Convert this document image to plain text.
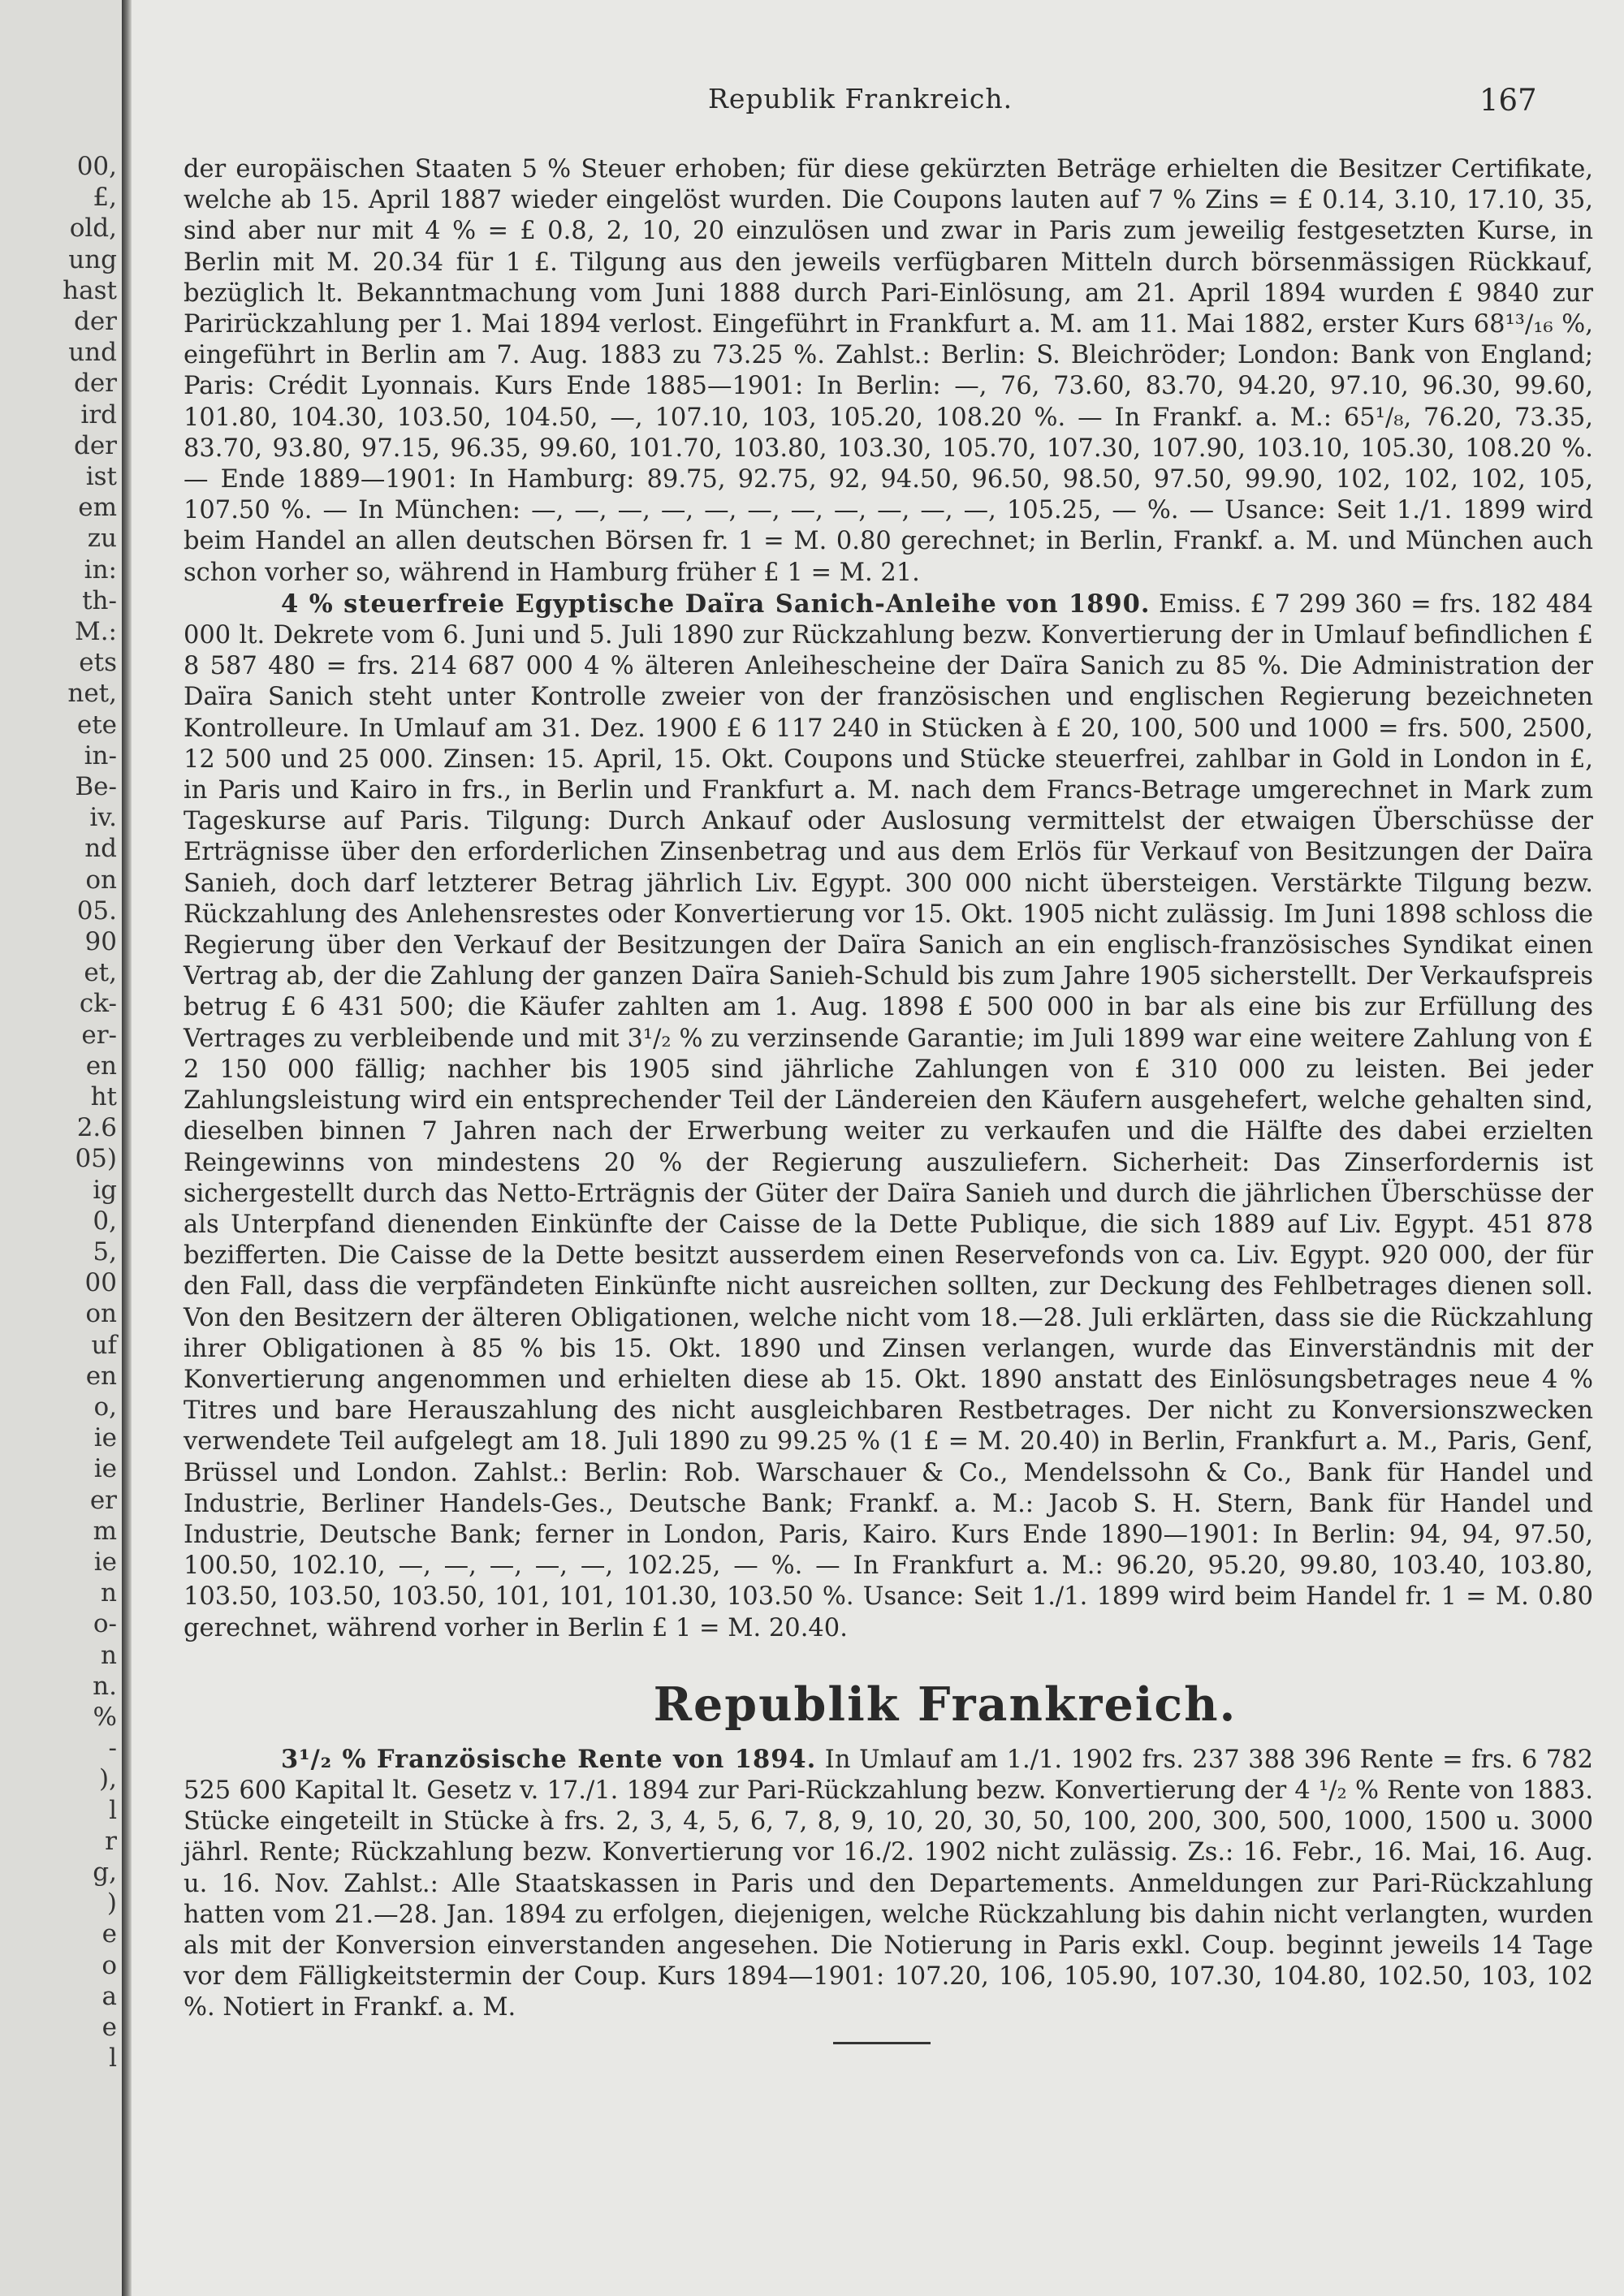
00,
£,
old,
ung
hast
der
und
der
ird
der
ist
em
zu
in:
th-
M.:
ets
net,
ete
in-
Be-
iv.
nd
on
05.
90
et,
ck-
er-
en
ht
2.6
05)
ig
0,
5,
00
on
uf
en
o,
ie
ie
er
m
ie
n
o-
n
n.
%
-
),
l
r
g,
)
e
o
a
e
l
Republik Frankreich.	167

der europäischen Staaten 5 % Steuer erhoben; für diese gekürzten Beträge erhielten die Besitzer Certifikate, welche ab 15. April 1887 wieder eingelöst wurden. Die Coupons lauten auf 7 % Zins = £ 0.14, 3.10, 17.10, 35, sind aber nur mit 4 % = £ 0.8, 2, 10, 20 einzulösen und zwar in Paris zum jeweilig festgesetzten Kurse, in Berlin mit M. 20.34 für 1 £. Tilgung aus den jeweils verfügbaren Mitteln durch börsenmässigen Rückkauf, bezüglich lt. Bekanntmachung vom Juni 1888 durch Pari-Einlösung, am 21. April 1894 wurden £ 9840 zur Parirückzahlung per 1. Mai 1894 verlost. Eingeführt in Frankfurt a. M. am 11. Mai 1882, erster Kurs 68¹³/₁₆ %, eingeführt in Berlin am 7. Aug. 1883 zu 73.25 %. Zahlst.: Berlin: S. Bleichröder; London: Bank von England; Paris: Crédit Lyonnais. Kurs Ende 1885—1901: In Berlin: —, 76, 73.60, 83.70, 94.20, 97.10, 96.30, 99.60, 101.80, 104.30, 103.50, 104.50, —, 107.10, 103, 105.20, 108.20 %. — In Frankf. a. M.: 65¹/₈, 76.20, 73.35, 83.70, 93.80, 97.15, 96.35, 99.60, 101.70, 103.80, 103.30, 105.70, 107.30, 107.90, 103.10, 105.30, 108.20 %. — Ende 1889—1901: In Hamburg: 89.75, 92.75, 92, 94.50, 96.50, 98.50, 97.50, 99.90, 102, 102, 102, 105, 107.50 %. — In München: —, —, —, —, —, —, —, —, —, —, —, 105.25, — %. — Usance: Seit 1./1. 1899 wird beim Handel an allen deutschen Börsen fr. 1 = M. 0.80 gerechnet; in Berlin, Frankf. a. M. und München auch schon vorher so, während in Hamburg früher £ 1 = M. 21.

4 % steuerfreie Egyptische Daïra Sanich-Anleihe von 1890. Emiss. £ 7 299 360 = frs. 182 484 000 lt. Dekrete vom 6. Juni und 5. Juli 1890 zur Rückzahlung bezw. Konvertierung der in Umlauf befindlichen £ 8 587 480 = frs. 214 687 000 4 % älteren Anleihescheine der Daïra Sanich zu 85 %. Die Administration der Daïra Sanich steht unter Kontrolle zweier von der französischen und englischen Regierung bezeichneten Kontrolleure. In Umlauf am 31. Dez. 1900 £ 6 117 240 in Stücken à £ 20, 100, 500 und 1000 = frs. 500, 2500, 12 500 und 25 000. Zinsen: 15. April, 15. Okt. Coupons und Stücke steuerfrei, zahlbar in Gold in London in £, in Paris und Kairo in frs., in Berlin und Frankfurt a. M. nach dem Francs-Betrage umgerechnet in Mark zum Tageskurse auf Paris. Tilgung: Durch Ankauf oder Auslosung vermittelst der etwaigen Überschüsse der Erträgnisse über den erforderlichen Zinsenbetrag und aus dem Erlös für Verkauf von Besitzungen der Daïra Sanieh, doch darf letzterer Betrag jährlich Liv. Egypt. 300 000 nicht übersteigen. Verstärkte Tilgung bezw. Rückzahlung des Anlehensrestes oder Konvertierung vor 15. Okt. 1905 nicht zulässig. Im Juni 1898 schloss die Regierung über den Verkauf der Besitzungen der Daïra Sanich an ein englisch-französisches Syndikat einen Vertrag ab, der die Zahlung der ganzen Daïra Sanieh-Schuld bis zum Jahre 1905 sicherstellt. Der Verkaufspreis betrug £ 6 431 500; die Käufer zahlten am 1. Aug. 1898 £ 500 000 in bar als eine bis zur Erfüllung des Vertrages zu verbleibende und mit 3¹/₂ % zu verzinsende Garantie; im Juli 1899 war eine weitere Zahlung von £ 2 150 000 fällig; nachher bis 1905 sind jährliche Zahlungen von £ 310 000 zu leisten. Bei jeder Zahlungsleistung wird ein entsprechender Teil der Ländereien den Käufern ausgehefert, welche gehalten sind, dieselben binnen 7 Jahren nach der Erwerbung weiter zu verkaufen und die Hälfte des dabei erzielten Reingewinns von mindestens 20 % der Regierung auszuliefern. Sicherheit: Das Zinserfordernis ist sichergestellt durch das Netto-Erträgnis der Güter der Daïra Sanieh und durch die jährlichen Überschüsse der als Unterpfand dienenden Einkünfte der Caisse de la Dette Publique, die sich 1889 auf Liv. Egypt. 451 878 bezifferten. Die Caisse de la Dette besitzt ausserdem einen Reservefonds von ca. Liv. Egypt. 920 000, der für den Fall, dass die verpfändeten Einkünfte nicht ausreichen sollten, zur Deckung des Fehlbetrages dienen soll. Von den Besitzern der älteren Obligationen, welche nicht vom 18.—28. Juli erklärten, dass sie die Rückzahlung ihrer Obligationen à 85 % bis 15. Okt. 1890 und Zinsen verlangen, wurde das Einverständnis mit der Konvertierung angenommen und erhielten diese ab 15. Okt. 1890 anstatt des Einlösungsbetrages neue 4 % Titres und bare Herauszahlung des nicht ausgleichbaren Restbetrages. Der nicht zu Konversionszwecken verwendete Teil aufgelegt am 18. Juli 1890 zu 99.25 % (1 £ = M. 20.40) in Berlin, Frankfurt a. M., Paris, Genf, Brüssel und London. Zahlst.: Berlin: Rob. Warschauer & Co., Mendelssohn & Co., Bank für Handel und Industrie, Berliner Handels-Ges., Deutsche Bank; Frankf. a. M.: Jacob S. H. Stern, Bank für Handel und Industrie, Deutsche Bank; ferner in London, Paris, Kairo. Kurs Ende 1890—1901: In Berlin: 94, 94, 97.50, 100.50, 102.10, —, —, —, —, —, 102.25, — %. — In Frankfurt a. M.: 96.20, 95.20, 99.80, 103.40, 103.80, 103.50, 103.50, 103.50, 101, 101, 101.30, 103.50 %. Usance: Seit 1./1. 1899 wird beim Handel fr. 1 = M. 0.80 gerechnet, während vorher in Berlin £ 1 = M. 20.40.

Republik Frankreich.

3¹/₂ % Französische Rente von 1894. In Umlauf am 1./1. 1902 frs. 237 388 396 Rente = frs. 6 782 525 600 Kapital lt. Gesetz v. 17./1. 1894 zur Pari-Rückzahlung bezw. Konvertierung der 4 ¹/₂ % Rente von 1883. Stücke eingeteilt in Stücke à frs. 2, 3, 4, 5, 6, 7, 8, 9, 10, 20, 30, 50, 100, 200, 300, 500, 1000, 1500 u. 3000 jährl. Rente; Rückzahlung bezw. Konvertierung vor 16./2. 1902 nicht zulässig. Zs.: 16. Febr., 16. Mai, 16. Aug. u. 16. Nov. Zahlst.: Alle Staatskassen in Paris und den Departements. Anmeldungen zur Pari-Rückzahlung hatten vom 21.—28. Jan. 1894 zu erfolgen, diejenigen, welche Rückzahlung bis dahin nicht verlangten, wurden als mit der Konversion einverstanden angesehen. Die Notierung in Paris exkl. Coup. beginnt jeweils 14 Tage vor dem Fälligkeitstermin der Coup. Kurs 1894—1901: 107.20, 106, 105.90, 107.30, 104.80, 102.50, 103, 102 %. Notiert in Frankf. a. M.
